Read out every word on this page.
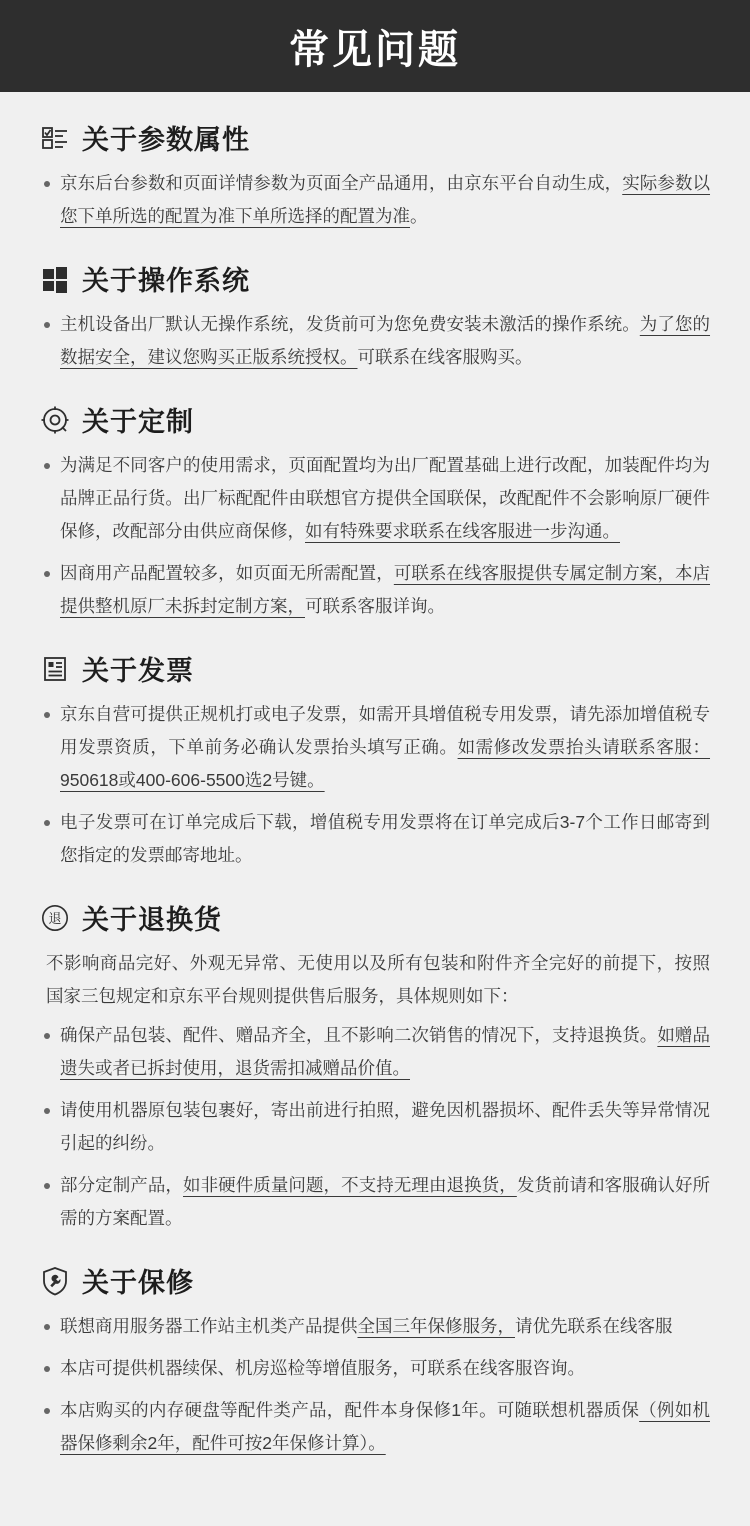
常见问题
关于参数属性
京东后台参数和页面详情参数为页面全产品通用，由京东平台自动生成，实际参数以您下单所选的配置为准下单所选择的配置为准。
关于操作系统
主机设备出厂默认无操作系统，发货前可为您免费安装未激活的操作系统。为了您的数据安全，建议您购买正版系统授权。可联系在线客服购买。
关于定制
为满足不同客户的使用需求，页面配置均为出厂配置基础上进行改配，加装配件均为品牌正品行货。出厂标配配件由联想官方提供全国联保，改配配件不会影响原厂硬件保修，改配部分由供应商保修，如有特殊要求联系在线客服进一步沟通。
因商用产品配置较多，如页面无所需配置，可联系在线客服提供专属定制方案，本店提供整机原厂未拆封定制方案，可联系客服详询。
关于发票
京东自营可提供正规机打或电子发票，如需开具增值税专用发票，请先添加增值税专用发票资质，下单前务必确认发票抬头填写正确。如需修改发票抬头请联系客服：950618或400-606-5500选2号键。
电子发票可在订单完成后下载，增值税专用发票将在订单完成后3-7个工作日邮寄到您指定的发票邮寄地址。
退 关于退换货
不影响商品完好、外观无异常、无使用以及所有包装和附件齐全完好的前提下，按照国家三包规定和京东平台规则提供售后服务，具体规则如下：
确保产品包装、配件、赠品齐全，且不影响二次销售的情况下，支持退换货。如赠品遗失或者已拆封使用，退货需扣减赠品价值。
请使用机器原包装包裹好，寄出前进行拍照，避免因机器损坏、配件丢失等异常情况引起的纠纷。
部分定制产品，如非硬件质量问题，不支持无理由退换货，发货前请和客服确认好所需的方案配置。
关于保修
联想商用服务器工作站主机类产品提供全国三年保修服务，请优先联系在线客服
本店可提供机器续保、机房巡检等增值服务，可联系在线客服咨询。
本店购买的内存硬盘等配件类产品，配件本身保修1年。可随联想机器质保（例如机器保修剩余2年，配件可按2年保修计算）。
